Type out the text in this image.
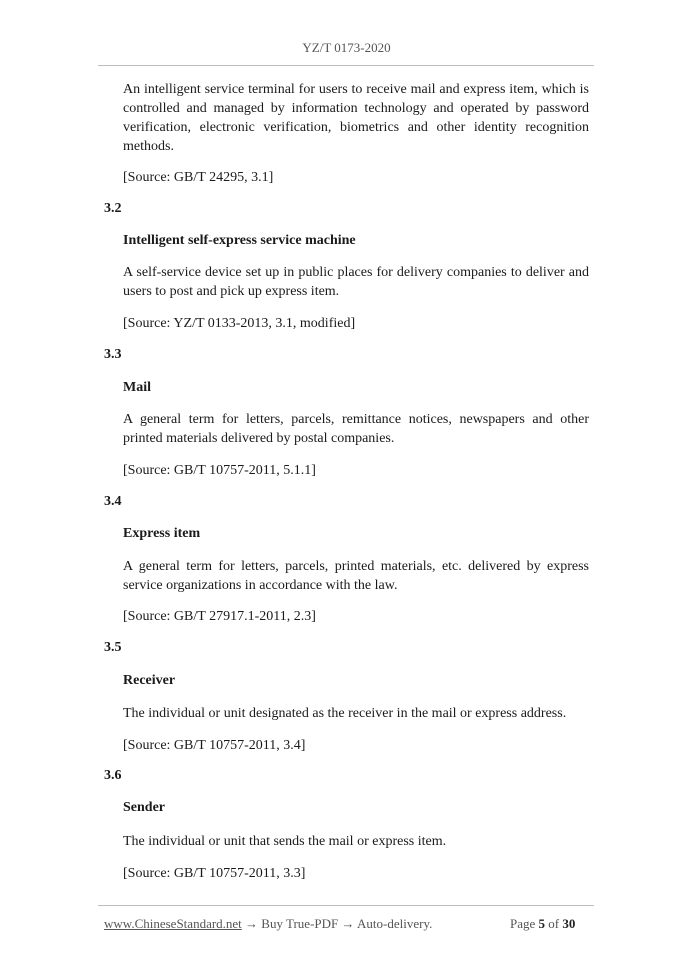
YZ/T 0173-2020
An intelligent service terminal for users to receive mail and express item, which is controlled and managed by information technology and operated by password verification, electronic verification, biometrics and other identity recognition methods.
[Source: GB/T 24295, 3.1]
3.2
Intelligent self-express service machine
A self-service device set up in public places for delivery companies to deliver and users to post and pick up express item.
[Source: YZ/T 0133-2013, 3.1, modified]
3.3
Mail
A general term for letters, parcels, remittance notices, newspapers and other printed materials delivered by postal companies.
[Source: GB/T 10757-2011, 5.1.1]
3.4
Express item
A general term for letters, parcels, printed materials, etc. delivered by express service organizations in accordance with the law.
[Source: GB/T 27917.1-2011, 2.3]
3.5
Receiver
The individual or unit designated as the receiver in the mail or express address.
[Source: GB/T 10757-2011, 3.4]
3.6
Sender
The individual or unit that sends the mail or express item.
[Source: GB/T 10757-2011, 3.3]
www.ChineseStandard.net → Buy True-PDF → Auto-delivery.	Page 5 of 30
